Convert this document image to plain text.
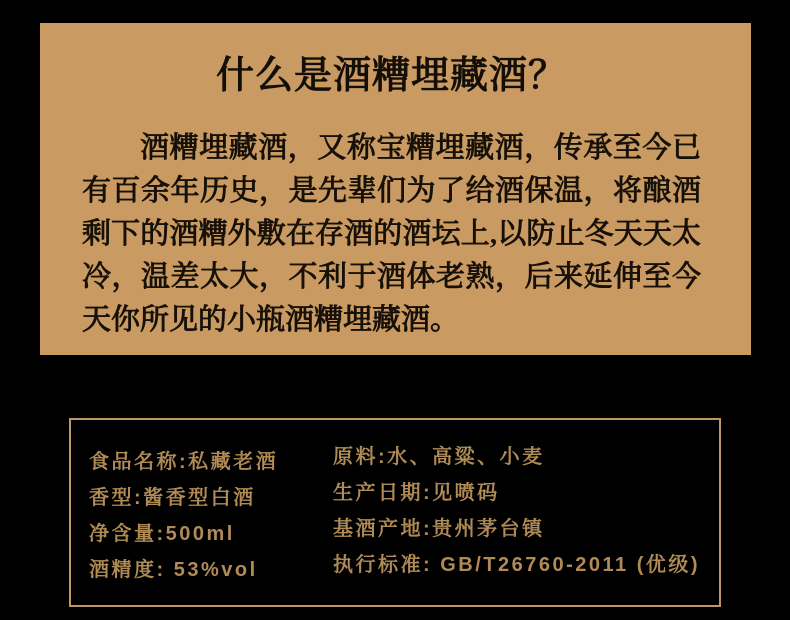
什么是酒糟埋藏酒？
酒糟埋藏酒，又称宝糟埋藏酒，传承至今已
有百余年历史，是先辈们为了给酒保温，将酿酒
剩下的酒糟外敷在存酒的酒坛上,以防止冬天天太
冷，温差太大，不利于酒体老熟，后来延伸至今
天你所见的小瓶酒糟埋藏酒。
食品名称:私藏老酒
香型:酱香型白酒
净含量:500ml
酒精度: 53%vol
原料:水、高粱、小麦
生产日期:见喷码
基酒产地:贵州茅台镇
执行标准: GB/T26760-2011 (优级)
